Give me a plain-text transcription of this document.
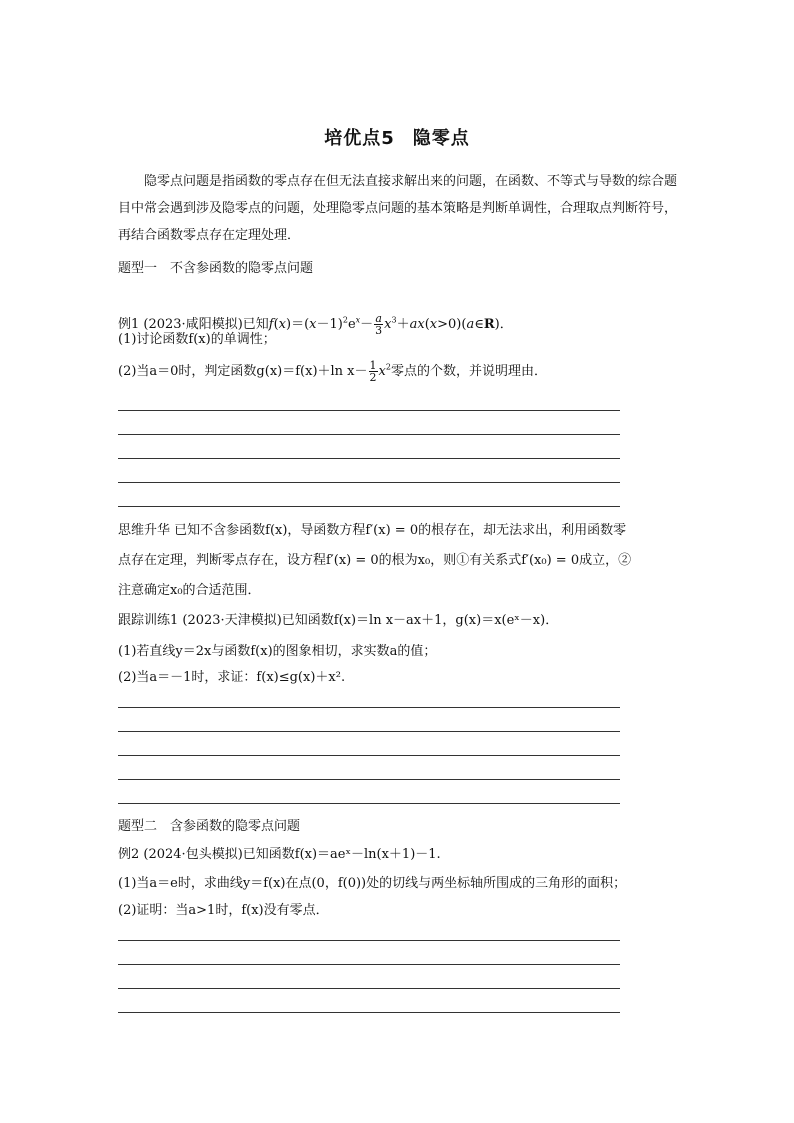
培优点5 隐零点
隐零点问题是指函数的零点存在但无法直接求解出来的问题，在函数、不等式与导数的综合题目中常会遇到涉及隐零点的问题，处理隐零点问题的基本策略是判断单调性，合理取点判断符号，再结合函数零点存在定理处理．
题型一　不含参函数的隐零点问题
例1 (2023·咸阳模拟)已知$f(x)=(x-1)^2e^x- \frac{a}{3}$ $x^3+ax(x>0)(a\in R)$．
(1)讨论函数f(x)的单调性；
(2)当a＝0时，判定函数g(x)＝f(x)＋ln $x- \frac{1}{2} x^2$零点的个数，并说明理由．
思维升华 已知不含参函数f(x)，导函数方程f′(x) = 0的根存在，却无法求出，利用函数零
点存在定理，判断零点存在，设方程f′(x) = 0的根为x₀，则①有关系式f′(x₀) = 0成立，②
注意确定x₀的合适范围．
跟踪训练1 (2023·天津模拟)已知函数f(x)＝ln x－ax＋1，g(x)＝x(eˣ－x)．
(1)若直线y＝2x与函数f(x)的图象相切，求实数a的值；
(2)当a＝－1时，求证：f(x)≤g(x)＋x².
题型二　含参函数的隐零点问题
例2 (2024·包头模拟)已知函数f(x)＝aeˣ－ln(x＋1)－1.
(1)当a＝e时，求曲线y＝f(x)在点(0，f(0))处的切线与两坐标轴所围成的三角形的面积；
(2)证明：当a>1时，f(x)没有零点．
